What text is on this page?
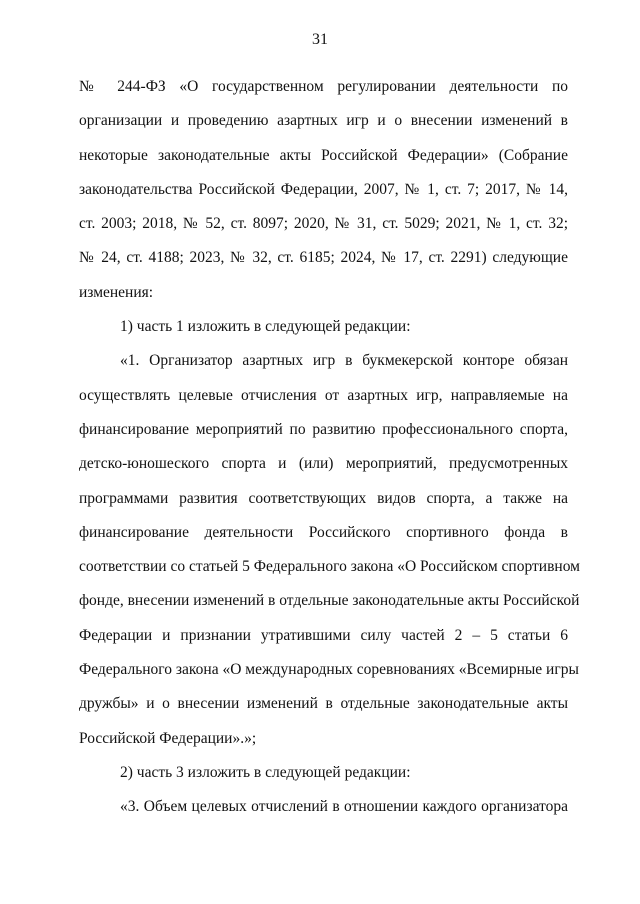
31

№ 244-ФЗ «О государственном регулировании деятельности по
организации и проведению азартных игр и о внесении изменений в
некоторые законодательные акты Российской Федерации» (Собрание
законодательства Российской Федерации, 2007, № 1, ст. 7; 2017, № 14,
ст. 2003; 2018, № 52, ст. 8097; 2020, № 31, ст. 5029; 2021, № 1, ст. 32;
№ 24, ст. 4188; 2023, № 32, ст. 6185; 2024, № 17, ст. 2291) следующие
изменения:

1) часть 1 изложить в следующей редакции:

«1. Организатор азартных игр в букмекерской конторе обязан
осуществлять целевые отчисления от азартных игр, направляемые на
финансирование мероприятий по развитию профессионального спорта,
детско-юношеского спорта и (или) мероприятий, предусмотренных
программами развития соответствующих видов спорта, а также на
финансирование деятельности Российского спортивного фонда в
соответствии со статьей 5 Федерального закона «О Российском спортивном
фонде, внесении изменений в отдельные законодательные акты Российской
Федерации и признании утратившими силу частей 2 – 5 статьи 6
Федерального закона «О международных соревнованиях «Всемирные игры
дружбы» и о внесении изменений в отдельные законодательные акты
Российской Федерации».»;

2) часть 3 изложить в следующей редакции:

«3. Объем целевых отчислений в отношении каждого организатора
